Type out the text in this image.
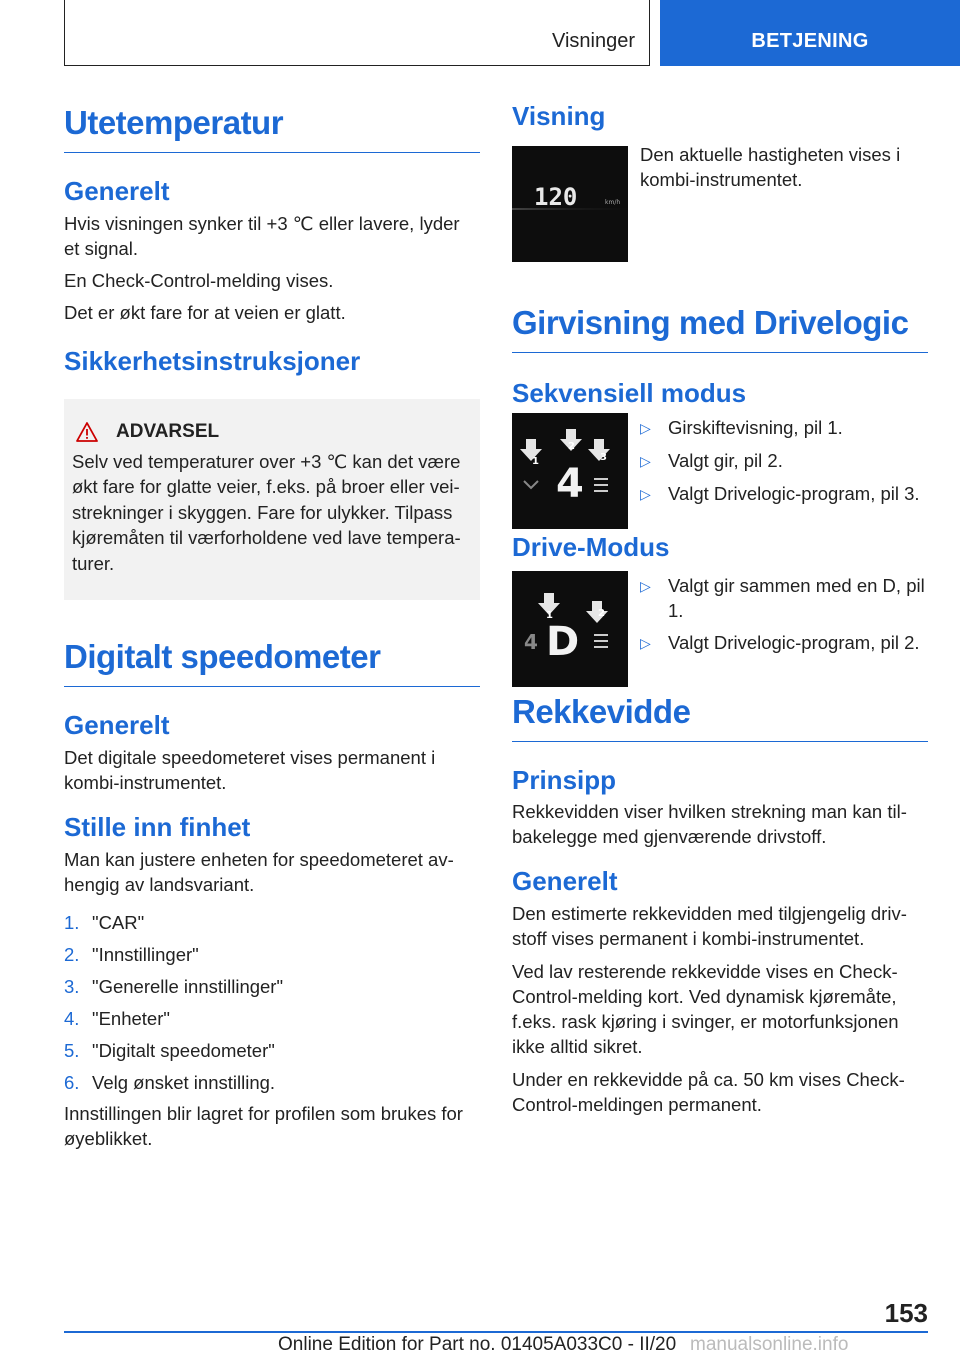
Visninger	BETJENING
Utetemperatur
Generelt

Hvis visningen synker til +3 ℃ eller lavere, lyder et signal.

En Check-Control-melding vises.

Det er økt fare for at veien er glatt.

Sikkerhetsinstruksjoner
ADVARSEL

Selv ved temperaturer over +3 ℃ kan det være økt fare for glatte veier, f.eks. på broer eller veistrekninger i skyggen. Fare for ulykker. Tilpass kjøremåten til værforholdene ved lave temperaturer.

Digitalt speedometer
Generelt

Det digitale speedometeret vises permanent i kombi-instrumentet.

Stille inn finhet

Man kan justere enheten for speedometeret avhengig av landsvariant.

1. "CAR"
2. "Innstillinger"
3. "Generelle innstillinger"
4. "Enheter"
5. "Digitalt speedometer"
6. Velg ønsket innstilling.

Innstillingen blir lagret for profilen som brukes for øyeblikket.

Visning
120	km/h

Den aktuelle hastigheten vises i kombi-instrumentet.

Girvisning med Drivelogic
Sekvensiell modus
1
2
3
4
▷ Girskiftevisning, pil 1.
▷ Valgt gir, pil 2.
▷ Valgt Drivelogic-program, pil 3.
Drive-Modus
1	2
4 D
▷ Valgt gir sammen med en D, pil 1.
▷ Valgt Drivelogic-program, pil 2.
Rekkevidde
Prinsipp

Rekkevidden viser hvilken strekning man kan tilbakelegge med gjenværende drivstoff.

Generelt

Den estimerte rekkevidden med tilgjengelig drivstoff vises permanent i kombi-instrumentet.

Ved lav resterende rekkevidde vises en Check-Control-melding kort. Ved dynamisk kjøremåte, f.eks. rask kjøring i svinger, er motorfunksjonen ikke alltid sikret.

Under en rekkevidde på ca. 50 km vises Check-Control-meldingen permanent.

153
Online Edition for Part no. 01405A033C0 - II/20 manualsonline.info
